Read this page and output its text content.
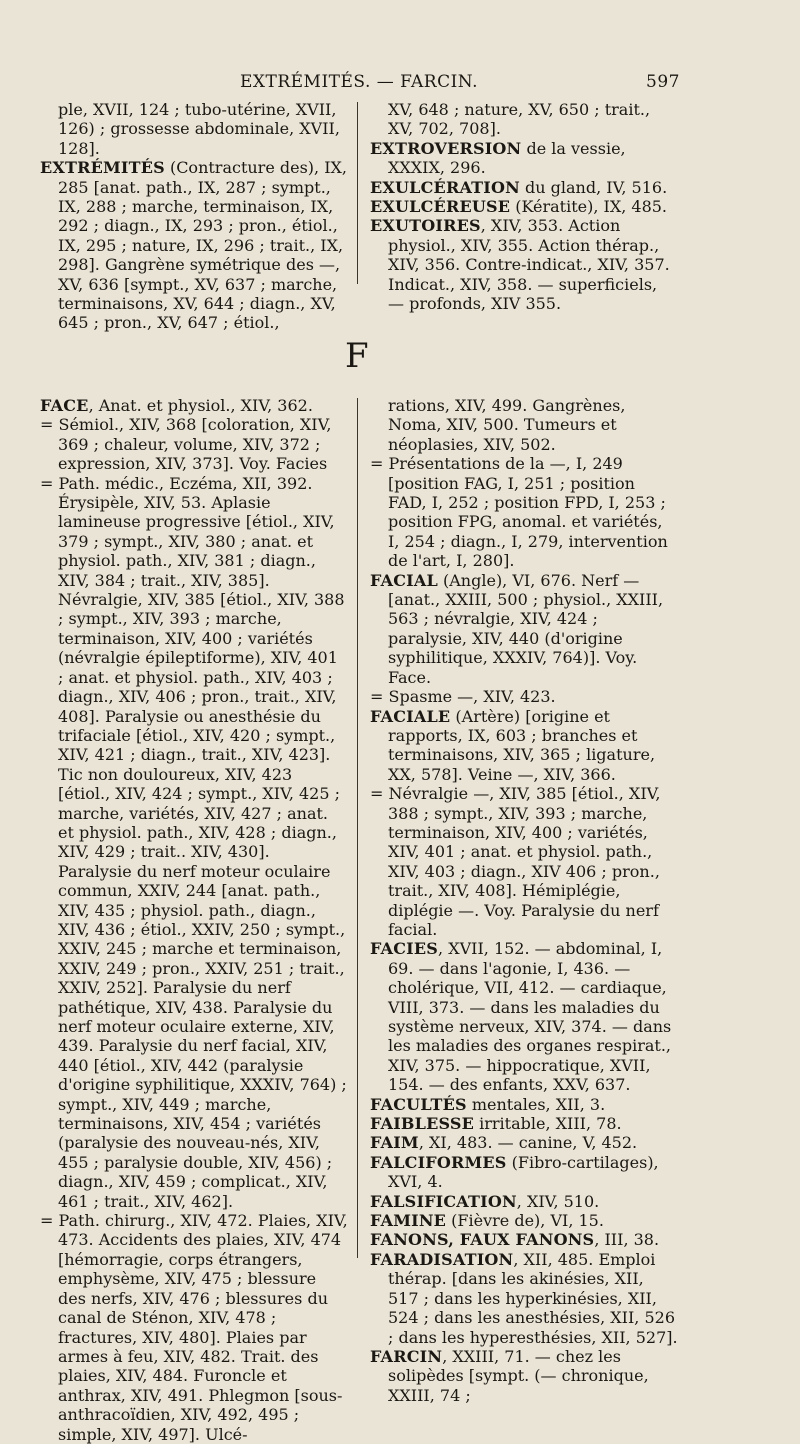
EXTRÉMITÉS. — FARCIN.	597

ple, XVII, 124 ; tubo-utérine, XVII, 126) ; grossesse abdominale, XVII, 128].

EXTRÉMITÉS (Contracture des), IX, 285 [anat. path., IX, 287 ; sympt., IX, 288 ; marche, terminaison, IX, 292 ; diagn., IX, 293 ; pron., étiol., IX, 295 ; nature, IX, 296 ; trait., IX, 298]. Gangrène symétrique des —, XV, 636 [sympt., XV, 637 ; marche, terminaisons, XV, 644 ; diagn., XV, 645 ; pron., XV, 647 ; étiol.,

XV, 648 ; nature, XV, 650 ; trait., XV, 702, 708].

EXTROVERSION de la vessie, XXXIX, 296.

EXULCÉRATION du gland, IV, 516.

EXULCÉREUSE (Kératite), IX, 485.

EXUTOIRES, XIV, 353. Action physiol., XIV, 355. Action thérap., XIV, 356. Contre-indicat., XIV, 357. Indicat., XIV, 358. — superficiels, — profonds, XIV 355.

F

FACE, Anat. et physiol., XIV, 362.

= Sémiol., XIV, 368 [coloration, XIV, 369 ; chaleur, volume, XIV, 372 ; expression, XIV, 373]. Voy. Facies

= Path. médic., Eczéma, XII, 392. Érysipèle, XIV, 53. Aplasie lamineuse progressive [étiol., XIV, 379 ; sympt., XIV, 380 ; anat. et physiol. path., XIV, 381 ; diagn., XIV, 384 ; trait., XIV, 385]. Névralgie, XIV, 385 [étiol., XIV, 388 ; sympt., XIV, 393 ; marche, terminaison, XIV, 400 ; variétés (névralgie épileptiforme), XIV, 401 ; anat. et physiol. path., XIV, 403 ; diagn., XIV, 406 ; pron., trait., XIV, 408]. Paralysie ou anesthésie du trifaciale [étiol., XIV, 420 ; sympt., XIV, 421 ; diagn., trait., XIV, 423]. Tic non douloureux, XIV, 423 [étiol., XIV, 424 ; sympt., XIV, 425 ; marche, variétés, XIV, 427 ; anat. et physiol. path., XIV, 428 ; diagn., XIV, 429 ; trait.. XIV, 430]. Paralysie du nerf moteur oculaire commun, XXIV, 244 [anat. path., XIV, 435 ; physiol. path., diagn., XIV, 436 ; étiol., XXIV, 250 ; sympt., XXIV, 245 ; marche et terminaison, XXIV, 249 ; pron., XXIV, 251 ; trait., XXIV, 252]. Paralysie du nerf pathétique, XIV, 438. Paralysie du nerf moteur oculaire externe, XIV, 439. Paralysie du nerf facial, XIV, 440 [étiol., XIV, 442 (paralysie d'origine syphilitique, XXXIV, 764) ; sympt., XIV, 449 ; marche, terminaisons, XIV, 454 ; variétés (paralysie des nouveau-nés, XIV, 455 ; paralysie double, XIV, 456) ; diagn., XIV, 459 ; complicat., XIV, 461 ; trait., XIV, 462].

= Path. chirurg., XIV, 472. Plaies, XIV, 473. Accidents des plaies, XIV, 474 [hémorragie, corps étrangers, emphysème, XIV, 475 ; blessure des nerfs, XIV, 476 ; blessures du canal de Sténon, XIV, 478 ; fractures, XIV, 480]. Plaies par armes à feu, XIV, 482. Trait. des plaies, XIV, 484. Furoncle et anthrax, XIV, 491. Phlegmon [sous-anthracoïdien, XIV, 492, 495 ; simple, XIV, 497]. Ulcé-

rations, XIV, 499. Gangrènes, Noma, XIV, 500. Tumeurs et néoplasies, XIV, 502.

= Présentations de la —, I, 249 [position FAG, I, 251 ; position FAD, I, 252 ; position FPD, I, 253 ; position FPG, anomal. et variétés, I, 254 ; diagn., I, 279, intervention de l'art, I, 280].

FACIAL (Angle), VI, 676. Nerf — [anat., XXIII, 500 ; physiol., XXIII, 563 ; névralgie, XIV, 424 ; paralysie, XIV, 440 (d'origine syphilitique, XXXIV, 764)]. Voy. Face.

= Spasme —, XIV, 423.

FACIALE (Artère) [origine et rapports, IX, 603 ; branches et terminaisons, XIV, 365 ; ligature, XX, 578]. Veine —, XIV, 366.

= Névralgie —, XIV, 385 [étiol., XIV, 388 ; sympt., XIV, 393 ; marche, terminaison, XIV, 400 ; variétés, XIV, 401 ; anat. et physiol. path., XIV, 403 ; diagn., XIV 406 ; pron., trait., XIV, 408]. Hémiplégie, diplégie —. Voy. Paralysie du nerf facial.

FACIES, XVII, 152. — abdominal, I, 69. — dans l'agonie, I, 436. — cholérique, VII, 412. — cardiaque, VIII, 373. — dans les maladies du système nerveux, XIV, 374. — dans les maladies des organes respirat., XIV, 375. — hippocratique, XVII, 154. — des enfants, XXV, 637.

FACULTÉS mentales, XII, 3.

FAIBLESSE irritable, XIII, 78.

FAIM, XI, 483. — canine, V, 452.

FALCIFORMES (Fibro-cartilages), XVI, 4.

FALSIFICATION, XIV, 510.

FAMINE (Fièvre de), VI, 15.

FANONS, FAUX FANONS, III, 38.

FARADISATION, XII, 485. Emploi thérap. [dans les akinésies, XII, 517 ; dans les hyperkinésies, XII, 524 ; dans les anesthésies, XII, 526 ; dans les hyperesthésies, XII, 527].

FARCIN, XXIII, 71. — chez les solipèdes [sympt. (— chronique, XXIII, 74 ;
